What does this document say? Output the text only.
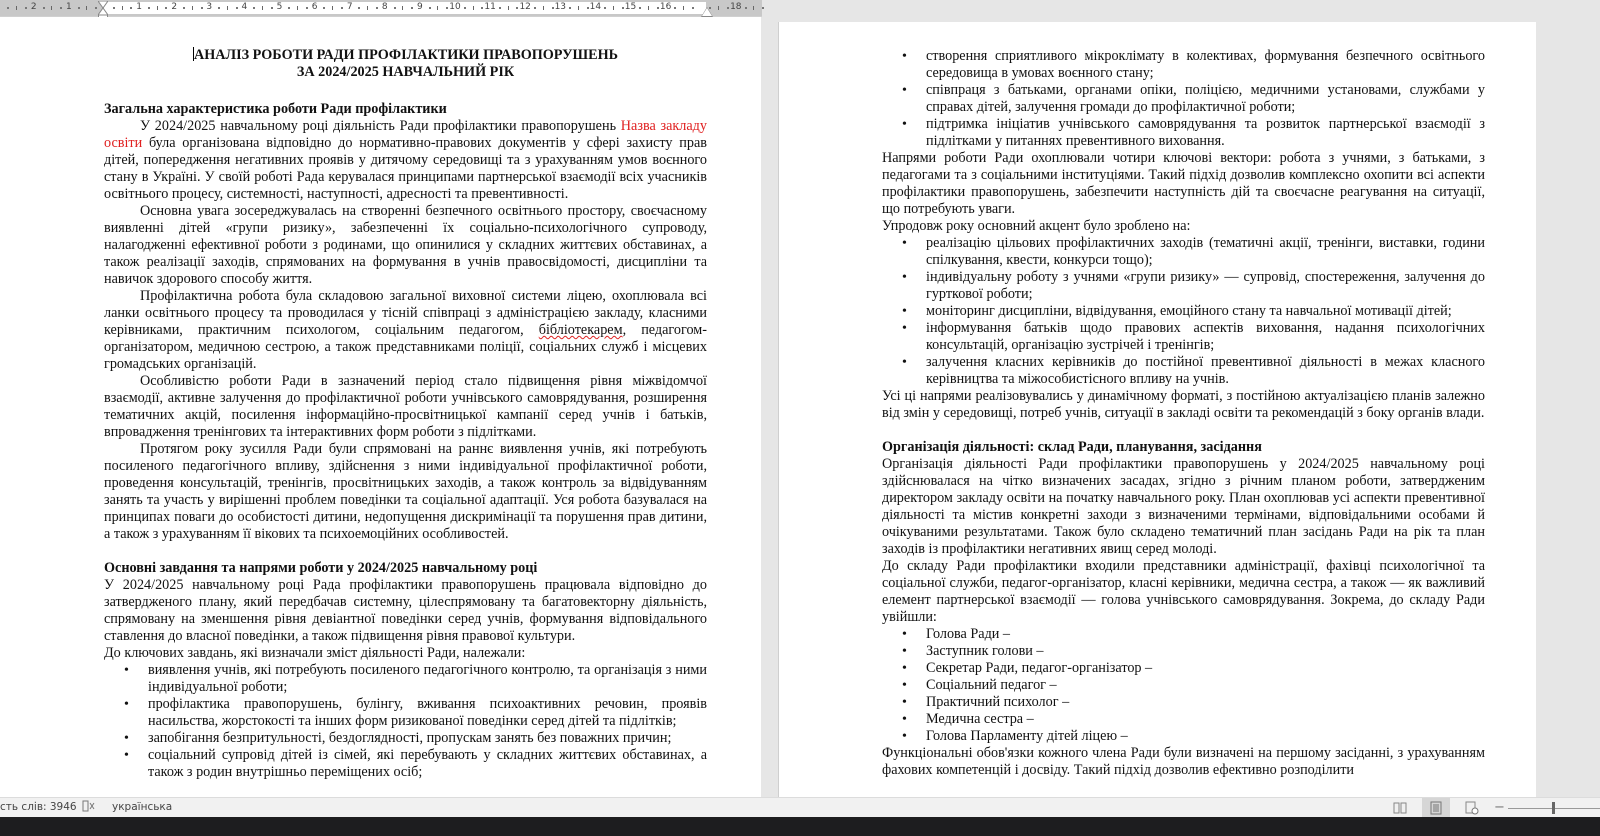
2	1	1	2	3	4	5	6	7	8	9	10	11	12	13	14	15	16	18
АНАЛІЗ РОБОТИ РАДИ ПРОФІЛАКТИКИ ПРАВОПОРУШЕНЬ
ЗА 2024/2025 НАВЧАЛЬНИЙ РІК
Загальна характеристика роботи Ради профілактики

У 2024/2025 навчальному році діяльність Ради профілактики правопорушень Назва закладу освіти була організована відповідно до нормативно-правових документів у сфері захисту прав дітей, попередження негативних проявів у дитячому середовищі та з урахуванням умов воєнного стану в Україні. У своїй роботі Рада керувалася принципами партнерської взаємодії всіх учасників освітнього процесу, системності, наступності, адресності та превентивності.

Основна увага зосереджувалась на створенні безпечного освітнього простору, своєчасному виявленні дітей «групи ризику», забезпеченні їх соціально-психологічного супроводу, налагодженні ефективної роботи з родинами, що опинилися у складних життєвих обставинах, а також реалізації заходів, спрямованих на формування в учнів правосвідомості, дисципліни та навичок здорового способу життя.

Профілактична робота була складовою загальної виховної системи ліцею, охоплювала всі ланки освітнього процесу та проводилася у тісній співпраці з адміністрацією закладу, класними керівниками, практичним психологом, соціальним педагогом, бібліотекарем, педагогом-організатором, медичною сестрою, а також представниками поліції, соціальних служб і місцевих громадських організацій.

Особливістю роботи Ради в зазначений період стало підвищення рівня міжвідомчої взаємодії, активне залучення до профілактичної роботи учнівського самоврядування, розширення тематичних акцій, посилення інформаційно-просвітницької кампанії серед учнів і батьків, впровадження тренінгових та інтерактивних форм роботи з підлітками.

Протягом року зусилля Ради були спрямовані на раннє виявлення учнів, які потребують посиленого педагогічного впливу, здійснення з ними індивідуальної профілактичної роботи, проведення консультацій, тренінгів, просвітницьких заходів, а також контроль за відвідуванням занять та участь у вирішенні проблем поведінки та соціальної адаптації. Уся робота базувалася на принципах поваги до особистості дитини, недопущення дискримінації та порушення прав дитини, а також з урахуванням її вікових та психоемоційних особливостей.

Основні завдання та напрями роботи у 2024/2025 навчальному році

У 2024/2025 навчальному році Рада профілактики правопорушень працювала відповідно до затвердженого плану, який передбачав системну, цілеспрямовану та багатовекторну діяльність, спрямовану на зменшення рівня девіантної поведінки серед учнів, формування відповідального ставлення до власної поведінки, а також підвищення рівня правової культури.

До ключових завдань, які визначали зміст діяльності Ради, належали:

• виявлення учнів, які потребують посиленого педагогічного контролю, та організація з ними індивідуальної роботи;
• профілактика правопорушень, булінгу, вживання психоактивних речовин, проявів насильства, жорстокості та інших форм ризикованої поведінки серед дітей та підлітків;
• запобігання безпритульності, бездоглядності, пропускам занять без поважних причин;
• соціальний супровід дітей із сімей, які перебувають у складних життєвих обставинах, а також з родин внутрішньо переміщених осіб;
• створення сприятливого мікроклімату в колективах, формування безпечного освітнього середовища в умовах воєнного стану;
• співпраця з батьками, органами опіки, поліцією, медичними установами, службами у справах дітей, залучення громади до профілактичної роботи;
• підтримка ініціатив учнівського самоврядування та розвиток партнерської взаємодії з підлітками у питаннях превентивного виховання.

Напрями роботи Ради охоплювали чотири ключові вектори: робота з учнями, з батьками, з педагогами та з соціальними інституціями. Такий підхід дозволив комплексно охопити всі аспекти профілактики правопорушень, забезпечити наступність дій та своєчасне реагування на ситуації, що потребують уваги.

Упродовж року основний акцент було зроблено на:

• реалізацію цільових профілактичних заходів (тематичні акції, тренінги, виставки, години спілкування, квести, конкурси тощо);
• індивідуальну роботу з учнями «групи ризику» — супровід, спостереження, залучення до гурткової роботи;
• моніторинг дисципліни, відвідування, емоційного стану та навчальної мотивації дітей;
• інформування батьків щодо правових аспектів виховання, надання психологічних консультацій, організацію зустрічей і тренінгів;
• залучення класних керівників до постійної превентивної діяльності в межах класного керівництва та міжособистісного впливу на учнів.

Усі ці напрями реалізовувались у динамічному форматі, з постійною актуалізацією планів залежно від змін у середовищі, потреб учнів, ситуації в закладі освіти та рекомендацій з боку органів влади.

Організація діяльності: склад Ради, планування, засідання

Організація діяльності Ради профілактики правопорушень у 2024/2025 навчальному році здійснювалася на чітко визначених засадах, згідно з річним планом роботи, затвердженим директором закладу освіти на початку навчального року. План охоплював усі аспекти превентивної діяльності та містив конкретні заходи з визначеними термінами, відповідальними особами й очікуваними результатами. Також було складено тематичний план засідань Ради на рік та план заходів із профілактики негативних явищ серед молоді.

До складу Ради профілактики входили представники адміністрації, фахівці психологічної та соціальної служби, педагог-організатор, класні керівники, медична сестра, а також — як важливий елемент партнерської взаємодії — голова учнівського самоврядування. Зокрема, до складу Ради увійшли:

• Голова Ради –
• Заступник голови –
• Секретар Ради, педагог-організатор –
• Соціальний педагог –
• Практичний психолог –
• Медична сестра –
• Голова Парламенту дітей ліцею –

Функціональні обов'язки кожного члена Ради були визначені на першому засіданні, з урахуванням фахових компетенцій і досвіду. Такий підхід дозволив ефективно розподілити

сть слів: 3946	українська	−
